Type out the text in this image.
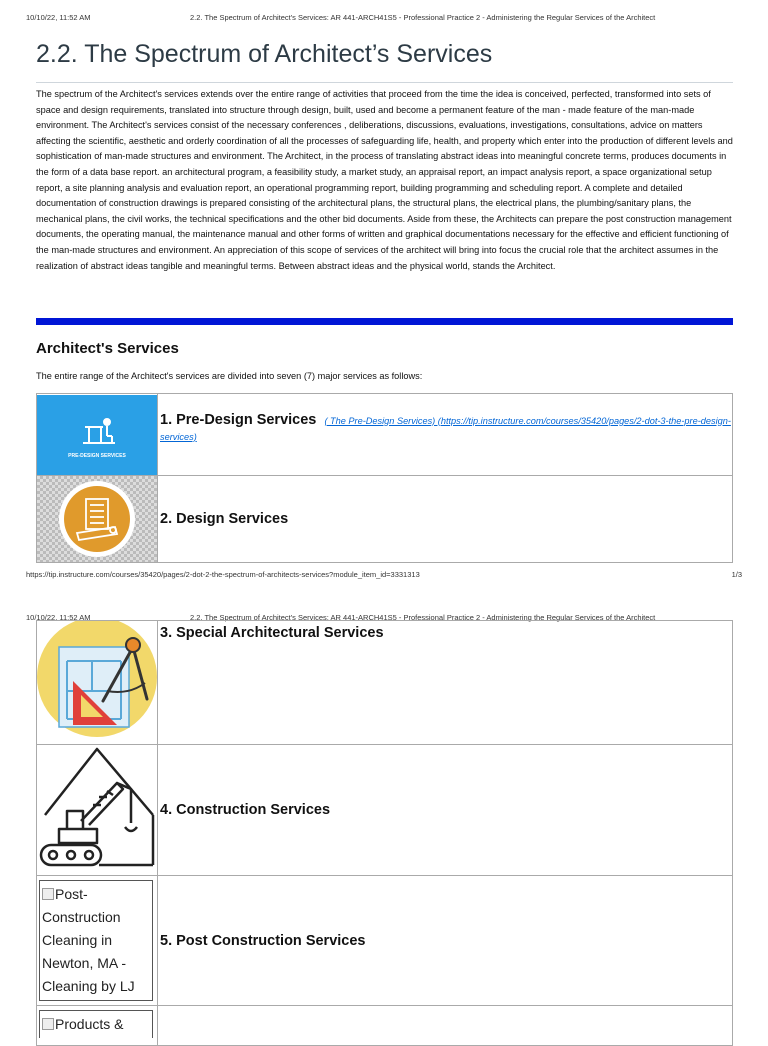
10/10/22, 11:52 AM	2.2. The Spectrum of Architect's Services: AR 441-ARCH41S5 - Professional Practice 2 - Administering the Regular Services of the Architect
2.2. The Spectrum of Architect’s Services

The spectrum of the Architect's services extends over the entire range of activities that proceed from the time the idea is conceived, perfected, transformed into sets of space and design requirements, translated into structure through design, built, used and become a permanent feature of the man - made feature of the man-made environment. The Architect's services consist of the necessary conferences , deliberations, discussions, evaluations, investigations, consultations, advice on matters affecting the scientific, aesthetic and orderly coordination of all the processes of safeguarding life, health, and property which enter into the production of different levels and sophistication of man-made structures and environment. The Architect, in the process of translating abstract ideas into meaningful concrete terms, produces documents in the form of a data base report. an architectural program, a feasibility study, a market study, an appraisal report, an impact analysis report, a space organizational setup report, a site planning analysis and evaluation report, an operational programming report, building programming and scheduling report. A complete and detailed documentation of construction drawings is prepared consisting of the architectural plans, the structural plans, the electrical plans, the plumbing/sanitary plans, the mechanical plans, the civil works, the technical specifications and the other bid documents. Aside from these, the Architects can prepare the post construction management documents, the operating manual, the maintenance manual and other forms of written and graphical documentations necessary for the effective and efficient functioning of the man-made structures and environment. An appreciation of this scope of services of the architect will bring into focus the crucial role that the architect assumes in the realization of abstract ideas tangible and meaningful terms. Between abstract ideas and the physical world, stands the Architect.

Architect's Services

The entire range of the Architect's services are divided into seven (7) major services as follows:

PRE-DESIGN SERVICES	1. Pre-Design Services ( The Pre-Design Services) (https://tip.instructure.com/courses/35420/pages/2-dot-3-the-pre-design-services)

	2. Design Services
https://tip.instructure.com/courses/35420/pages/2-dot-2-the-spectrum-of-architects-services?module_item_id=3331313	1/3
10/10/22, 11:52 AM	2.2. The Spectrum of Architect's Services: AR 441-ARCH41S5 - Professional Practice 2 - Administering the Regular Services of the Architect
	3. Special Architectural Services
	4. Construction Services

Post-Construction Cleaning in Newton, MA - Cleaning by LJ	5. Post Construction Services

Products &	
